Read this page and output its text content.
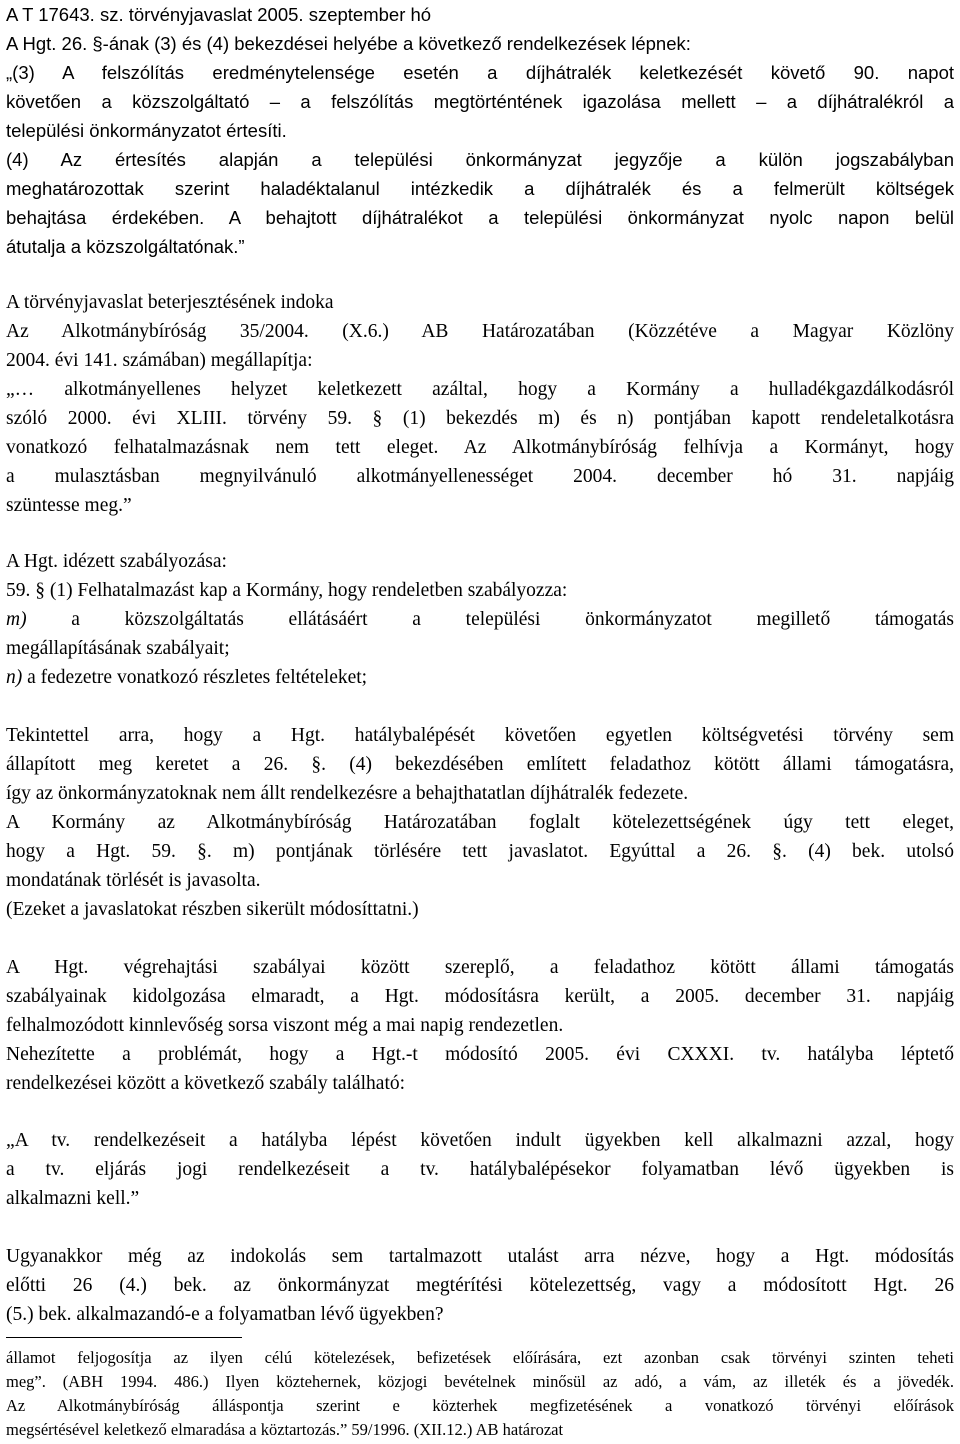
A T 17643. sz. törvényjavaslat 2005. szeptember hó
A Hgt. 26. §-ának (3) és (4) bekezdései helyébe a következő rendelkezések lépnek:
„(3) A felszólítás eredménytelensége esetén a díjhátralék keletkezését követő 90. napot
követően a közszolgáltató – a felszólítás megtörténtének igazolása mellett – a díjhátralékról a
települési önkormányzatot értesíti.
(4) Az értesítés alapján a települési önkormányzat jegyzője a külön jogszabályban
meghatározottak szerint haladéktalanul intézkedik a díjhátralék és a felmerült költségek
behajtása érdekében. A behajtott díjhátralékot a települési önkormányzat nyolc napon belül
átutalja a közszolgáltatónak.”
A törvényjavaslat beterjesztésének indoka
Az Alkotmánybíróság 35/2004. (X.6.) AB Határozatában (Közzétéve a Magyar Közlöny
2004. évi 141. számában) megállapítja:
„… alkotmányellenes helyzet keletkezett azáltal, hogy a Kormány a hulladékgazdálkodásról
szóló 2000. évi XLIII. törvény 59. § (1) bekezdés m) és n) pontjában kapott rendeletalkotásra
vonatkozó felhatalmazásnak nem tett eleget. Az Alkotmánybíróság felhívja a Kormányt, hogy
a mulasztásban megnyilvánuló alkotmányellenességet 2004. december hó 31. napjáig
szüntesse meg.”
A Hgt. idézett szabályozása:
59. § (1) Felhatalmazást kap a Kormány, hogy rendeletben szabályozza:
m) a közszolgáltatás ellátásáért a települési önkormányzatot megillető támogatás
megállapításának szabályait;
n) a fedezetre vonatkozó részletes feltételeket;
Tekintettel arra, hogy a Hgt. hatálybalépését követően egyetlen költségvetési törvény sem
állapított meg keretet a 26. §. (4) bekezdésében említett feladathoz kötött állami támogatásra,
így az önkormányzatoknak nem állt rendelkezésre a behajthatatlan díjhátralék fedezete.
A Kormány az Alkotmánybíróság Határozatában foglalt kötelezettségének úgy tett eleget,
hogy a Hgt. 59. §. m) pontjának törlésére tett javaslatot. Egyúttal a 26. §. (4) bek. utolsó
mondatának törlését is javasolta.
(Ezeket a javaslatokat részben sikerült módosíttatni.)
A Hgt. végrehajtási szabályai között szereplő, a feladathoz kötött állami támogatás
szabályainak kidolgozása elmaradt, a Hgt. módosításra került, a 2005. december 31. napjáig
felhalmozódott kinnlevőség sorsa viszont még a mai napig rendezetlen.
Nehezítette a problémát, hogy a Hgt.-t módosító 2005. évi CXXXI. tv. hatályba léptető
rendelkezései között a következő szabály található:
„A tv. rendelkezéseit a hatályba lépést követően indult ügyekben kell alkalmazni azzal, hogy
a tv. eljárás jogi rendelkezéseit a tv. hatálybalépésekor folyamatban lévő ügyekben is
alkalmazni kell.”
Ugyanakkor még az indokolás sem tartalmazott utalást arra nézve, hogy a Hgt. módosítás
előtti 26 (4.) bek. az önkormányzat megtérítési kötelezettség, vagy a módosított Hgt. 26
(5.) bek. alkalmazandó-e a folyamatban lévő ügyekben?
államot feljogosítja az ilyen célú kötelezések, befizetések előírására, ezt azonban csak törvényi szinten teheti
meg”. (ABH 1994. 486.) Ilyen köztehernek, közjogi bevételnek minősül az adó, a vám, az illeték és a jövedék.
Az Alkotmánybíróság álláspontja szerint e közterhek megfizetésének a vonatkozó törvényi előírások
megsértésével keletkező elmaradása a köztartozás.” 59/1996. (XII.12.) AB határozat
